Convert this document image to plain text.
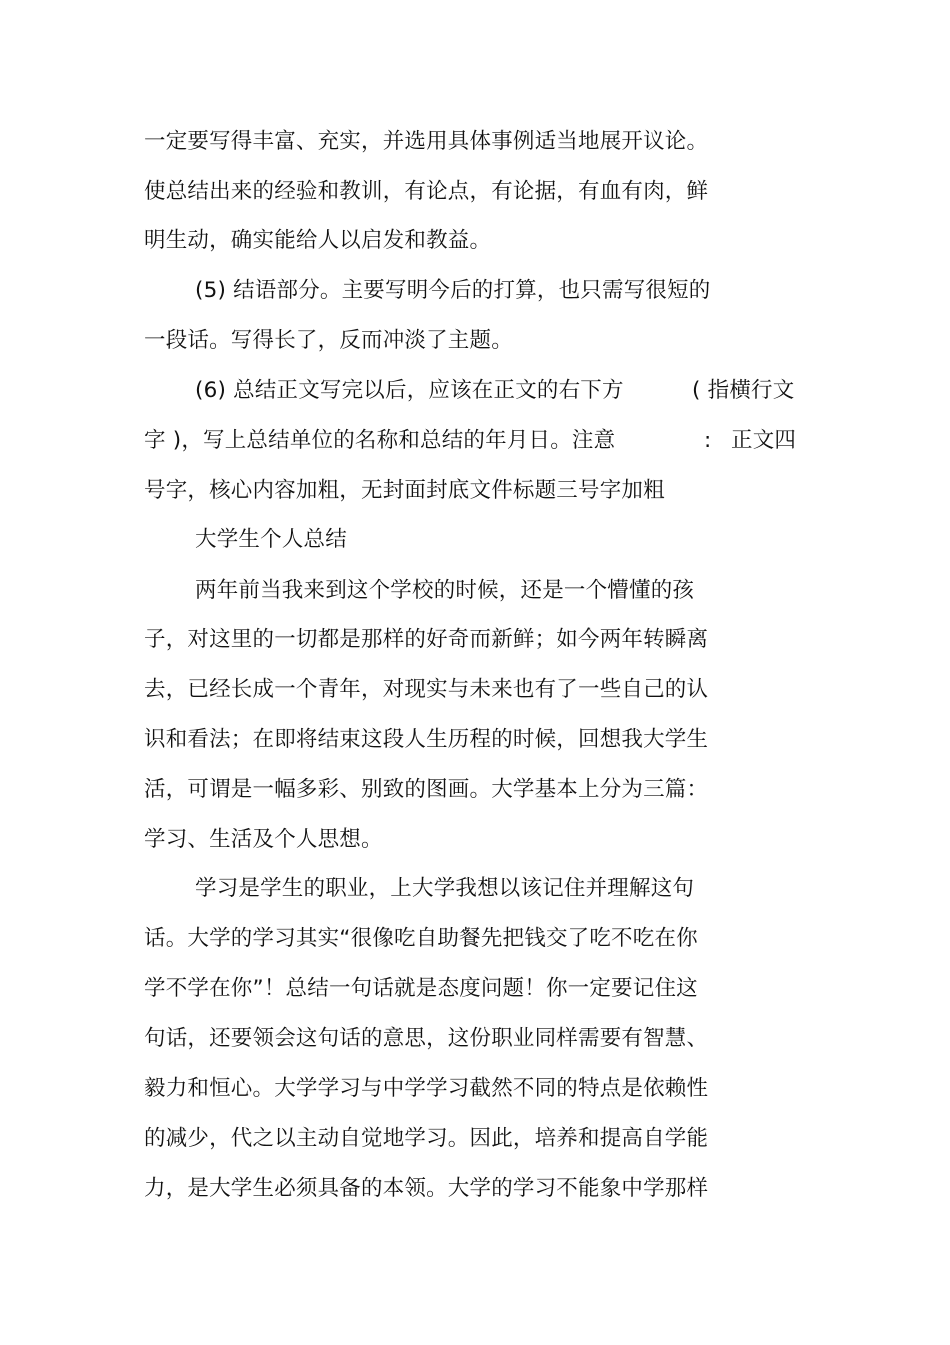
一定要写得丰富、充实，并选用具体事例适当地展开议论。
使总结出来的经验和教训，有论点，有论据，有血有肉，鲜
明生动，确实能给人以启发和教益。
(5) 结语部分。主要写明今后的打算，也只需写很短的
一段话。写得长了，反而冲淡了主题。
(6) 总结正文写完以后，应该在正文的右下方	( 指横行文
字 )，写上总结单位的名称和总结的年月日。注意	: 正文四
号字，核心内容加粗，无封面封底文件标题三号字加粗
大学生个人总结
两年前当我来到这个学校的时候，还是一个懵懂的孩
子，对这里的一切都是那样的好奇而新鲜；如今两年转瞬离
去，已经长成一个青年，对现实与未来也有了一些自己的认
识和看法；在即将结束这段人生历程的时候，回想我大学生
活，可谓是一幅多彩、别致的图画。大学基本上分为三篇：
学习、生活及个人思想。
学习是学生的职业，上大学我想以该记住并理解这句
话。大学的学习其实“很像吃自助餐先把钱交了吃不吃在你
学不学在你”！总结一句话就是态度问题！你一定要记住这
句话，还要领会这句话的意思，这份职业同样需要有智慧、
毅力和恒心。大学学习与中学学习截然不同的特点是依赖性
的减少，代之以主动自觉地学习。因此，培养和提高自学能
力，是大学生必须具备的本领。大学的学习不能象中学那样
